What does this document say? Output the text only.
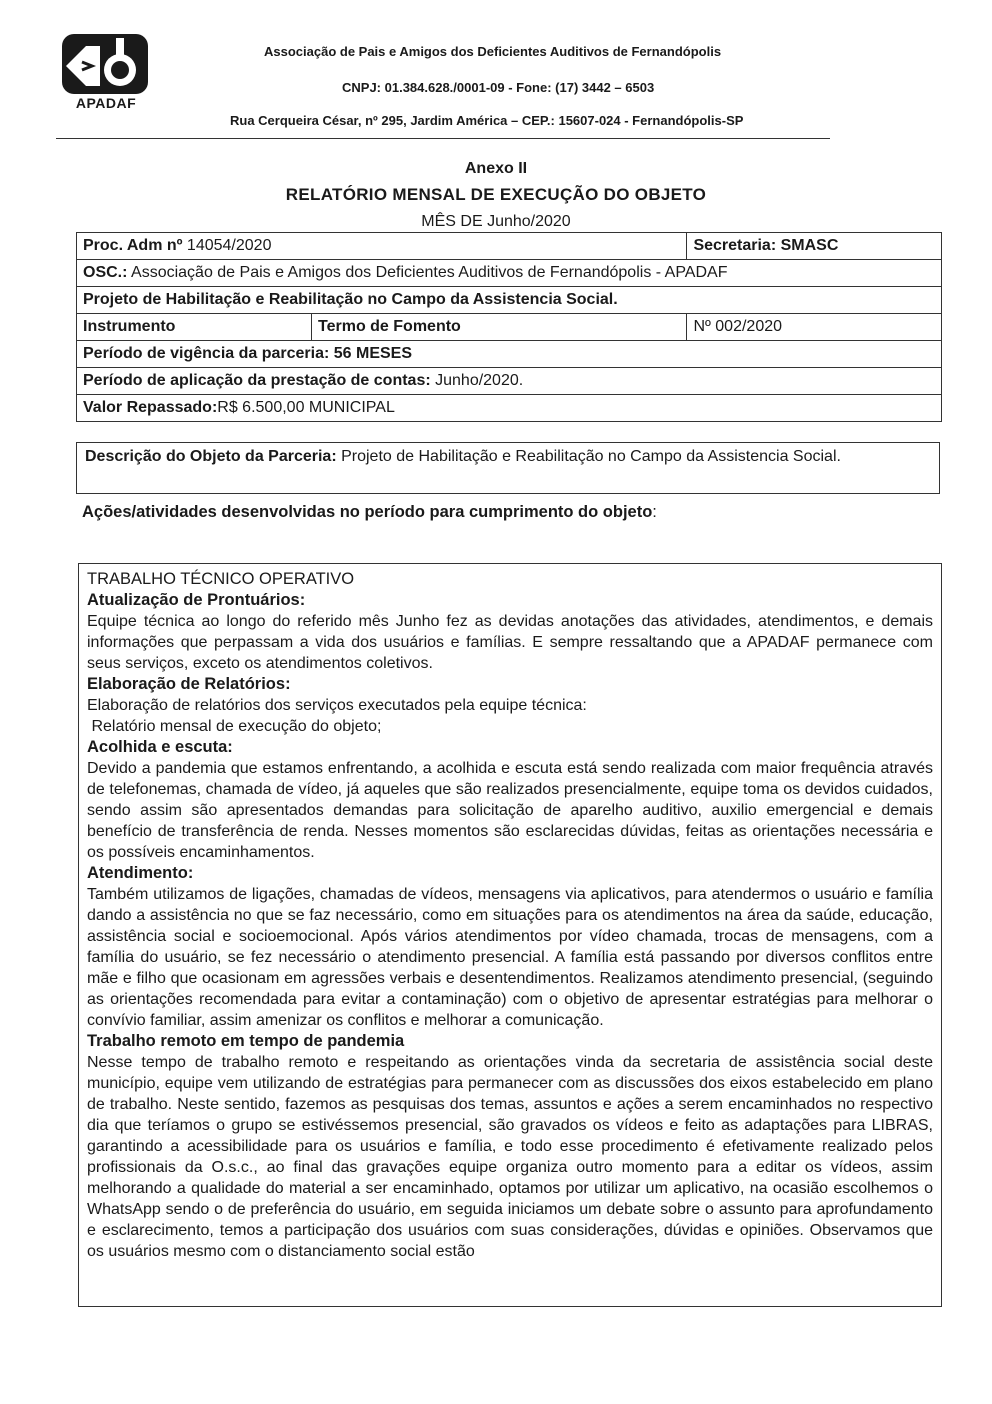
APADAF
Associação de Pais e Amigos dos Deficientes Auditivos de Fernandópolis
CNPJ: 01.384.628./0001-09 - Fone: (17) 3442 – 6503
Rua Cerqueira César, nº 295, Jardim América – CEP.: 15607-024 - Fernandópolis-SP
Anexo II
RELATÓRIO MENSAL DE EXECUÇÃO DO OBJETO
MÊS DE Junho/2020
Proc. Adm nº 14054/2020		Secretaria: SMASC
OSC.: Associação de Pais e Amigos dos Deficientes Auditivos de Fernandópolis - APADAF		
Projeto de Habilitação e Reabilitação no Campo da Assistencia Social.		
Instrumento	Termo de Fomento	Nº 002/2020
Período de vigência da parceria: 56 MESES		
Período de aplicação da prestação de contas: Junho/2020.		
Valor Repassado:R$ 6.500,00 MUNICIPAL		
Descrição do Objeto da Parceria: Projeto de Habilitação e Reabilitação no Campo da Assistencia Social.
Ações/atividades desenvolvidas no período para cumprimento do objeto:
TRABALHO TÉCNICO OPERATIVO
Atualização de Prontuários:

Equipe técnica ao longo do referido mês Junho fez as devidas anotações das atividades, atendimentos, e demais informações que perpassam a vida dos usuários e famílias. E sempre ressaltando que a APADAF permanece com seus serviços, exceto os atendimentos coletivos.

Elaboração de Relatórios:
Elaboração de relatórios dos serviços executados pela equipe técnica:
Relatório mensal de execução do objeto;
Acolhida e escuta:

Devido a pandemia que estamos enfrentando, a acolhida e escuta está sendo realizada com maior frequência através de telefonemas, chamada de vídeo, já aqueles que são realizados presencialmente, equipe toma os devidos cuidados, sendo assim são apresentados demandas para solicitação de aparelho auditivo, auxilio emergencial e demais benefício de transferência de renda. Nesses momentos são esclarecidas dúvidas, feitas as orientações necessária e os possíveis encaminhamentos.

Atendimento:

Também utilizamos de ligações, chamadas de vídeos, mensagens via aplicativos, para atendermos o usuário e família dando a assistência no que se faz necessário, como em situações para os atendimentos na área da saúde, educação, assistência social e socioemocional. Após vários atendimentos por vídeo chamada, trocas de mensagens, com a família do usuário, se fez necessário o atendimento presencial. A família está passando por diversos conflitos entre mãe e filho que ocasionam em agressões verbais e desentendimentos. Realizamos atendimento presencial, (seguindo as orientações recomendada para evitar a contaminação) com o objetivo de apresentar estratégias para melhorar o convívio familiar, assim amenizar os conflitos e melhorar a comunicação.

Trabalho remoto em tempo de pandemia

Nesse tempo de trabalho remoto e respeitando as orientações vinda da secretaria de assistência social deste município, equipe vem utilizando de estratégias para permanecer com as discussões dos eixos estabelecido em plano de trabalho. Neste sentido, fazemos as pesquisas dos temas, assuntos e ações a serem encaminhados no respectivo dia que teríamos o grupo se estivéssemos presencial, são gravados os vídeos e feito as adaptações para LIBRAS, garantindo a acessibilidade para os usuários e família, e todo esse procedimento é efetivamente realizado pelos profissionais da O.s.c., ao final das gravações equipe organiza outro momento para a editar os vídeos, assim melhorando a qualidade do material a ser encaminhado, optamos por utilizar um aplicativo, na ocasião escolhemos o WhatsApp sendo o de preferência do usuário, em seguida iniciamos um debate sobre o assunto para aprofundamento e esclarecimento, temos a participação dos usuários com suas considerações, dúvidas e opiniões. Observamos que os usuários mesmo com o distanciamento social estão
